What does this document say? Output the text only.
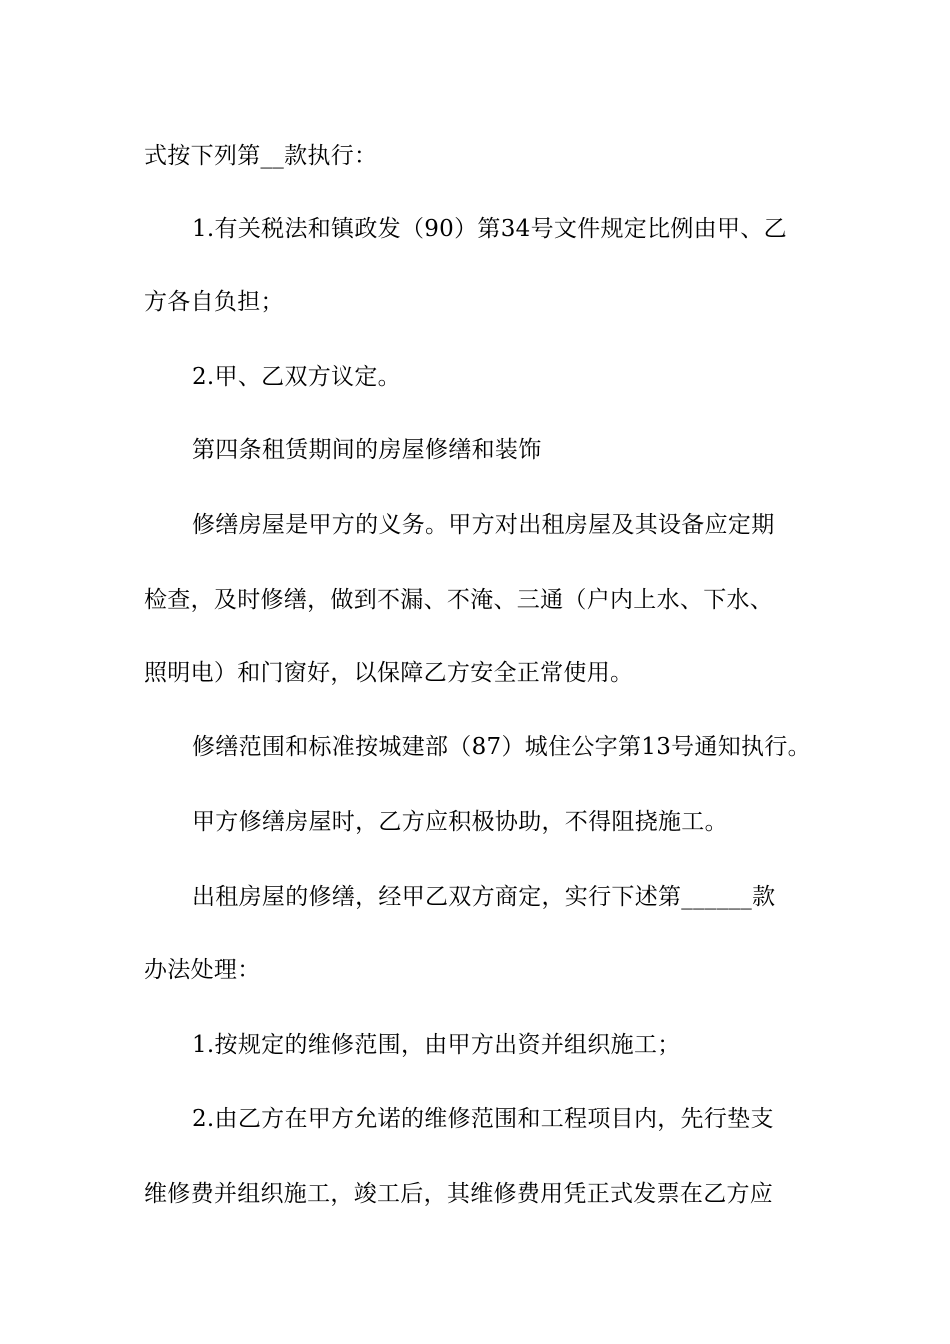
式按下列第__款执行：
1.有关税法和镇政发（90）第34号文件规定比例由甲、乙
方各自负担；
2.甲、乙双方议定。
第四条租赁期间的房屋修缮和装饰
修缮房屋是甲方的义务。甲方对出租房屋及其设备应定期
检查，及时修缮，做到不漏、不淹、三通（户内上水、下水、
照明电）和门窗好，以保障乙方安全正常使用。
修缮范围和标准按城建部（87）城住公字第13号通知执行。
甲方修缮房屋时，乙方应积极协助，不得阻挠施工。
出租房屋的修缮，经甲乙双方商定，实行下述第______款
办法处理：
1.按规定的维修范围，由甲方出资并组织施工；
2.由乙方在甲方允诺的维修范围和工程项目内，先行垫支
维修费并组织施工，竣工后，其维修费用凭正式发票在乙方应
